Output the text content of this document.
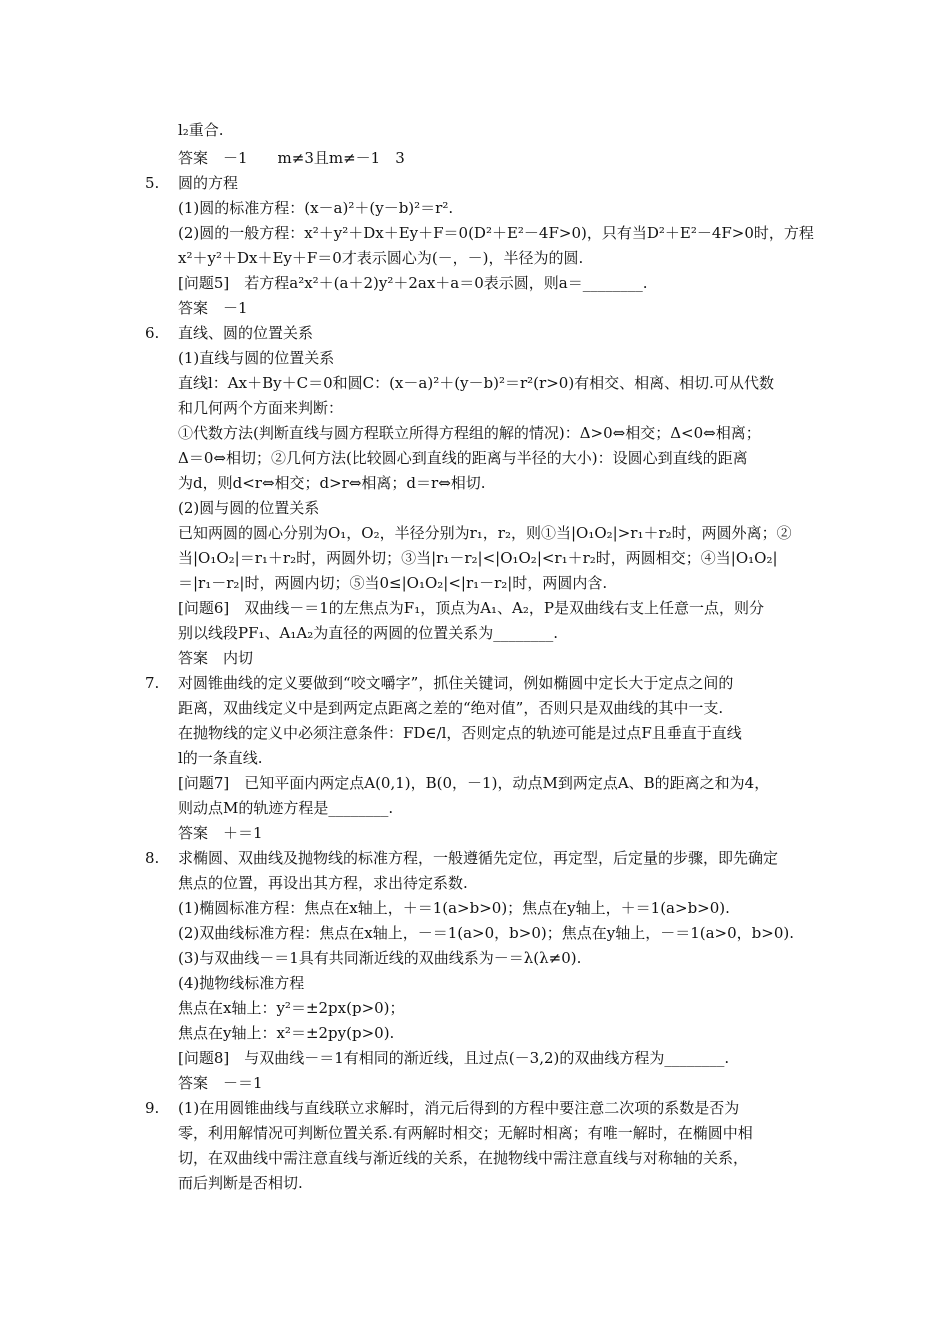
l₂重合.
答案　－1　　m≠3且m≠－1　3
5. 圆的方程
(1)圆的标准方程：(x－a)²＋(y－b)²＝r².
(2)圆的一般方程：x²＋y²＋Dx＋Ey＋F＝0(D²＋E²－4F>0)，只有当D²＋E²－4F>0时，方程
x²＋y²＋Dx＋Ey＋F＝0才表示圆心为(－，－)，半径为的圆.
[问题5]　若方程a²x²＋(a＋2)y²＋2ax＋a＝0表示圆，则a＝________.
答案　－1
6. 直线、圆的位置关系
(1)直线与圆的位置关系
直线l：Ax＋By＋C＝0和圆C：(x－a)²＋(y－b)²＝r²(r>0)有相交、相离、相切.可从代数
和几何两个方面来判断：
①代数方法(判断直线与圆方程联立所得方程组的解的情况)：Δ>0⇔相交；Δ<0⇔相离；
Δ＝0⇔相切；②几何方法(比较圆心到直线的距离与半径的大小)：设圆心到直线的距离
为d，则d<r⇔相交；d>r⇔相离；d＝r⇔相切.
(2)圆与圆的位置关系
已知两圆的圆心分别为O₁，O₂，半径分别为r₁，r₂，则①当|O₁O₂|>r₁＋r₂时，两圆外离；②
当|O₁O₂|＝r₁＋r₂时，两圆外切；③当|r₁－r₂|<|O₁O₂|<r₁＋r₂时，两圆相交；④当|O₁O₂|
＝|r₁－r₂|时，两圆内切；⑤当0≤|O₁O₂|<|r₁－r₂|时，两圆内含.
[问题6]　双曲线－＝1的左焦点为F₁，顶点为A₁、A₂，P是双曲线右支上任意一点，则分
别以线段PF₁、A₁A₂为直径的两圆的位置关系为________.
答案　内切
7. 对圆锥曲线的定义要做到“咬文嚼字”，抓住关键词，例如椭圆中定长大于定点之间的
距离，双曲线定义中是到两定点距离之差的“绝对值”，否则只是双曲线的其中一支.
在抛物线的定义中必须注意条件：FD∈/l，否则定点的轨迹可能是过点F且垂直于直线
l的一条直线.
[问题7]　已知平面内两定点A(0,1)，B(0，－1)，动点M到两定点A、B的距离之和为4，
则动点M的轨迹方程是________.
答案　＋＝1
8. 求椭圆、双曲线及抛物线的标准方程，一般遵循先定位，再定型，后定量的步骤，即先确定
焦点的位置，再设出其方程，求出待定系数.
(1)椭圆标准方程：焦点在x轴上，＋＝1(a>b>0)；焦点在y轴上，＋＝1(a>b>0).
(2)双曲线标准方程：焦点在x轴上，－＝1(a>0，b>0)；焦点在y轴上，－＝1(a>0，b>0).
(3)与双曲线－＝1具有共同渐近线的双曲线系为－＝λ(λ≠0).
(4)抛物线标准方程
焦点在x轴上：y²＝±2px(p>0)；
焦点在y轴上：x²＝±2py(p>0).
[问题8]　与双曲线－＝1有相同的渐近线，且过点(－3,2)的双曲线方程为________.
答案　－＝1
9. (1)在用圆锥曲线与直线联立求解时，消元后得到的方程中要注意二次项的系数是否为
零，利用解情况可判断位置关系.有两解时相交；无解时相离；有唯一解时，在椭圆中相
切，在双曲线中需注意直线与渐近线的关系，在抛物线中需注意直线与对称轴的关系，
而后判断是否相切.
